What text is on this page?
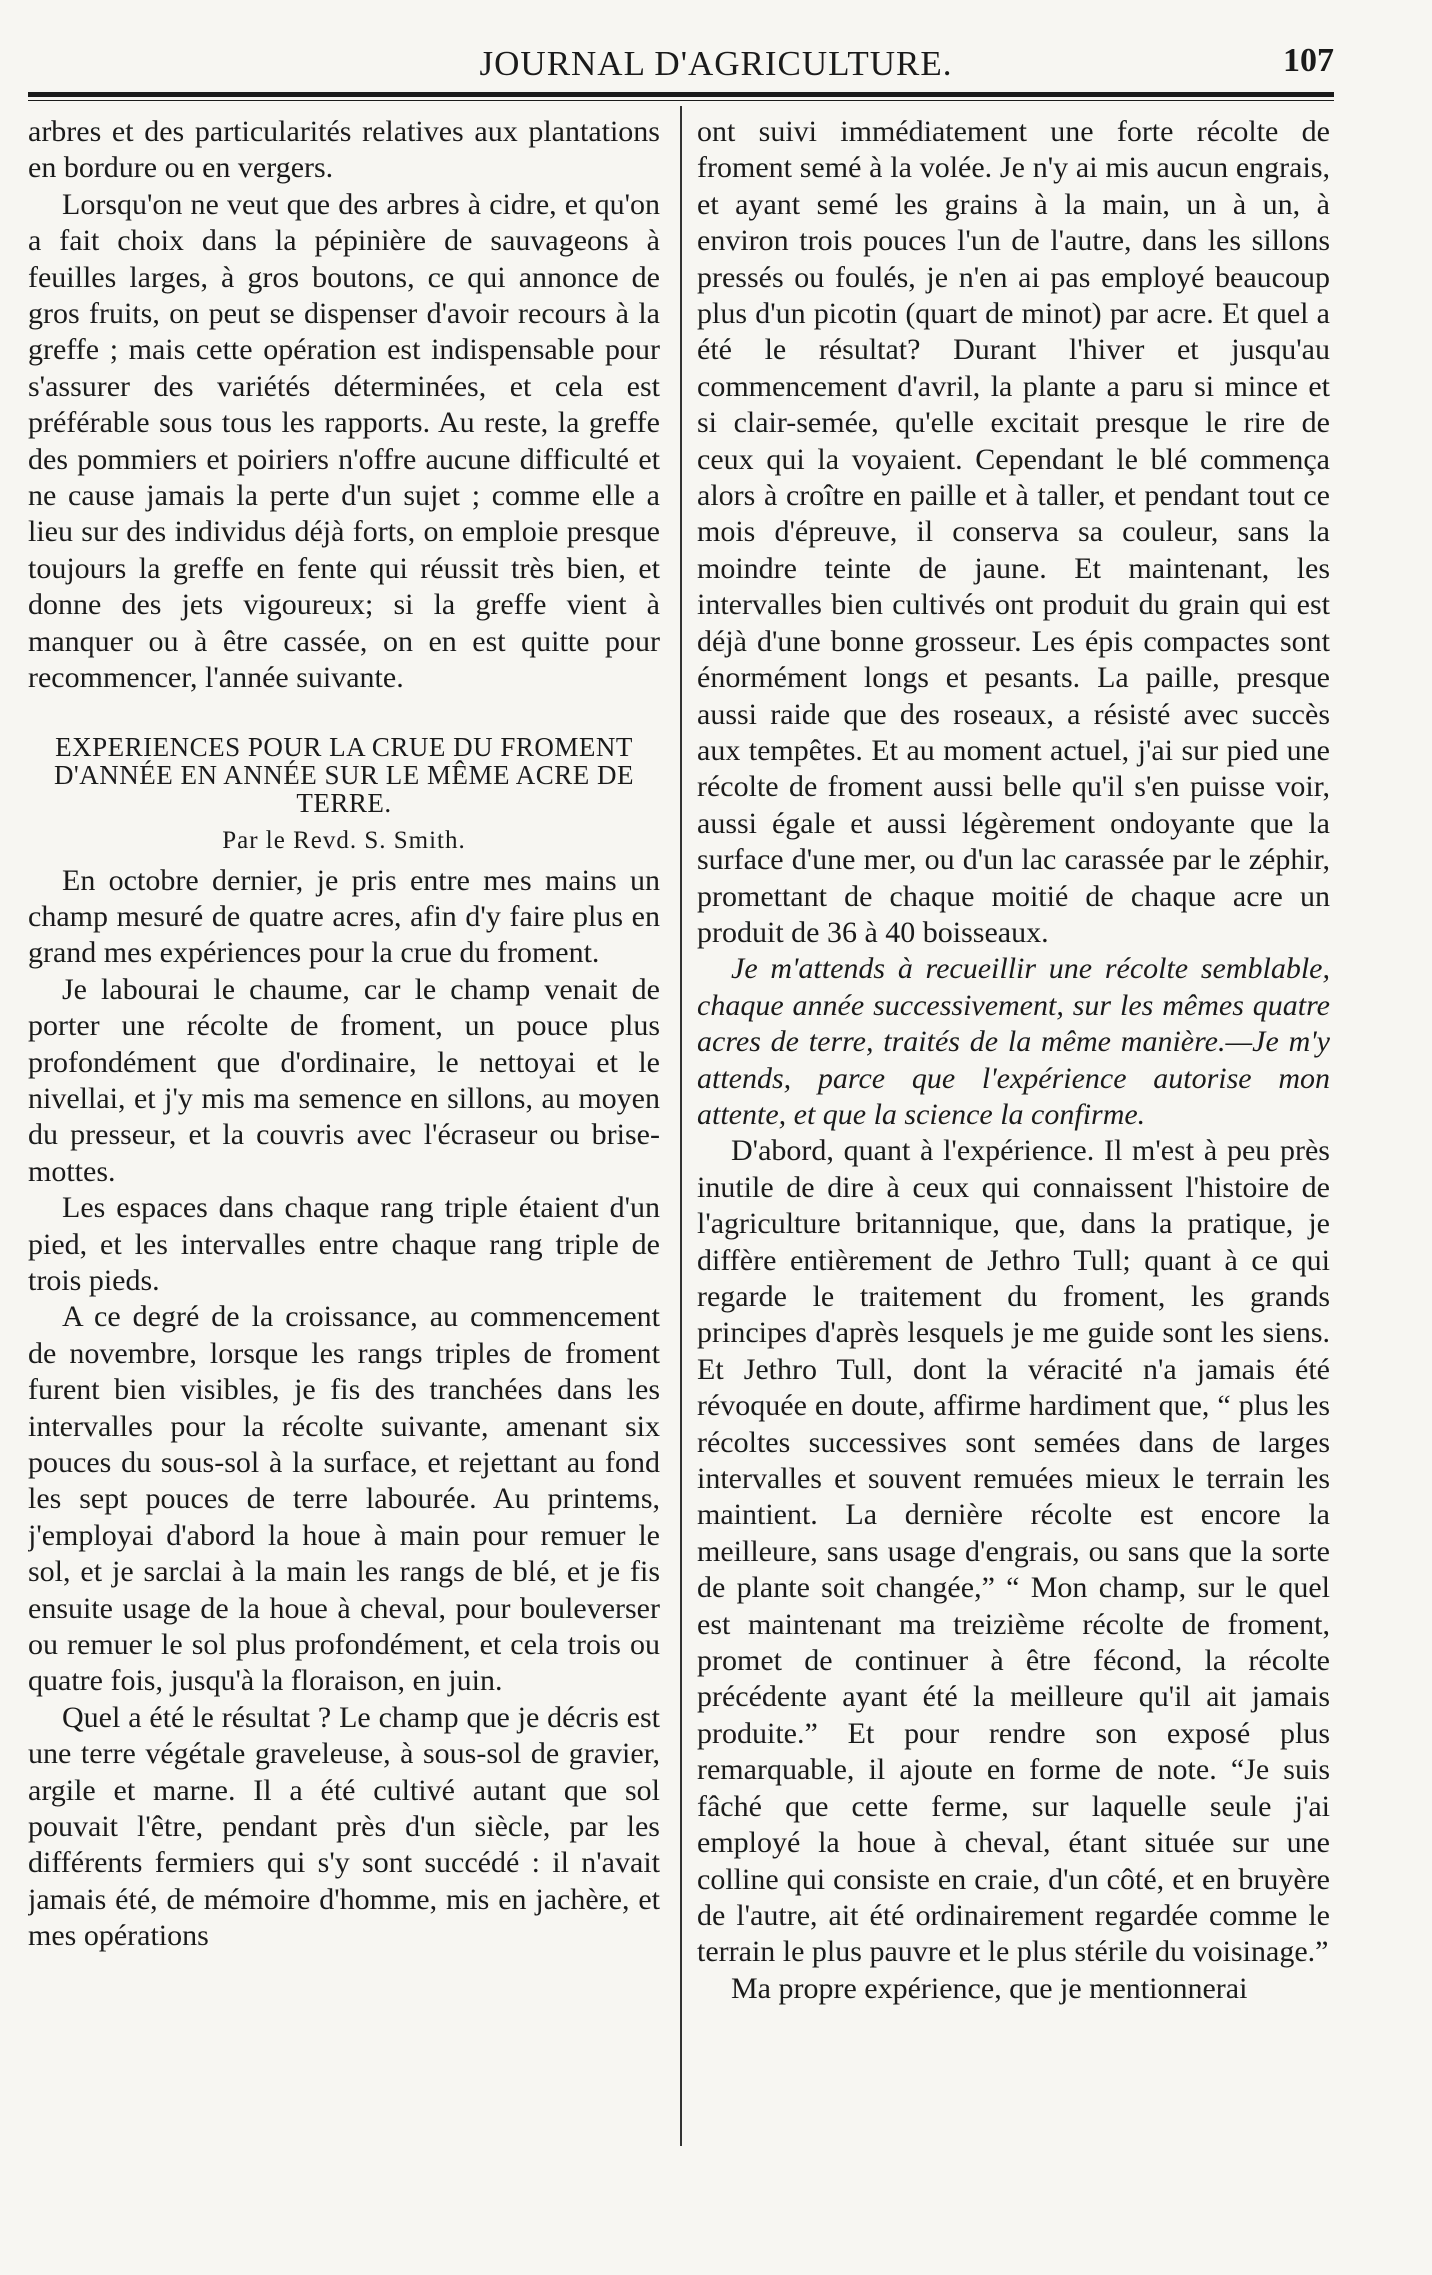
JOURNAL D'AGRICULTURE.	107

arbres et des particularités relatives aux plantations en bordure ou en vergers.

Lorsqu'on ne veut que des arbres à cidre, et qu'on a fait choix dans la pépinière de sauvageons à feuilles larges, à gros boutons, ce qui annonce de gros fruits, on peut se dispenser d'avoir recours à la greffe ; mais cette opération est indispensable pour s'assurer des variétés déterminées, et cela est préférable sous tous les rapports. Au reste, la greffe des pommiers et poiriers n'offre aucune difficulté et ne cause jamais la perte d'un sujet ; comme elle a lieu sur des individus déjà forts, on emploie presque toujours la greffe en fente qui réussit très bien, et donne des jets vigoureux; si la greffe vient à manquer ou à être cassée, on en est quitte pour recommencer, l'année suivante.

EXPERIENCES POUR LA CRUE DU FROMENT D'ANNÉE EN ANNÉE SUR LE MÊME ACRE DE TERRE.

Par le Revd. S. Smith.

En octobre dernier, je pris entre mes mains un champ mesuré de quatre acres, afin d'y faire plus en grand mes expériences pour la crue du froment.

Je labourai le chaume, car le champ venait de porter une récolte de froment, un pouce plus profondément que d'ordinaire, le nettoyai et le nivellai, et j'y mis ma semence en sillons, au moyen du presseur, et la couvris avec l'écraseur ou brise-mottes.

Les espaces dans chaque rang triple étaient d'un pied, et les intervalles entre chaque rang triple de trois pieds.

A ce degré de la croissance, au commencement de novembre, lorsque les rangs triples de froment furent bien visibles, je fis des tranchées dans les intervalles pour la récolte suivante, amenant six pouces du sous-sol à la surface, et rejettant au fond les sept pouces de terre labourée. Au printems, j'employai d'abord la houe à main pour remuer le sol, et je sarclai à la main les rangs de blé, et je fis ensuite usage de la houe à cheval, pour bouleverser ou remuer le sol plus profondément, et cela trois ou quatre fois, jusqu'à la floraison, en juin.

Quel a été le résultat ? Le champ que je décris est une terre végétale graveleuse, à sous-sol de gravier, argile et marne. Il a été cultivé autant que sol pouvait l'être, pendant près d'un siècle, par les différents fermiers qui s'y sont succédé : il n'avait jamais été, de mémoire d'homme, mis en jachère, et mes opérations

ont suivi immédiatement une forte récolte de froment semé à la volée. Je n'y ai mis aucun engrais, et ayant semé les grains à la main, un à un, à environ trois pouces l'un de l'autre, dans les sillons pressés ou foulés, je n'en ai pas employé beaucoup plus d'un picotin (quart de minot) par acre. Et quel a été le résultat? Durant l'hiver et jusqu'au commencement d'avril, la plante a paru si mince et si clair-semée, qu'elle excitait presque le rire de ceux qui la voyaient. Cependant le blé commença alors à croître en paille et à taller, et pendant tout ce mois d'épreuve, il conserva sa couleur, sans la moindre teinte de jaune. Et maintenant, les intervalles bien cultivés ont produit du grain qui est déjà d'une bonne grosseur. Les épis compactes sont énormément longs et pesants. La paille, presque aussi raide que des roseaux, a résisté avec succès aux tempêtes. Et au moment actuel, j'ai sur pied une récolte de froment aussi belle qu'il s'en puisse voir, aussi égale et aussi légèrement ondoyante que la surface d'une mer, ou d'un lac carassée par le zéphir, promettant de chaque moitié de chaque acre un produit de 36 à 40 boisseaux.

Je m'attends à recueillir une récolte semblable, chaque année successivement, sur les mêmes quatre acres de terre, traités de la même manière.—Je m'y attends, parce que l'expérience autorise mon attente, et que la science la confirme.

D'abord, quant à l'expérience. Il m'est à peu près inutile de dire à ceux qui connaissent l'histoire de l'agriculture britannique, que, dans la pratique, je diffère entièrement de Jethro Tull; quant à ce qui regarde le traitement du froment, les grands principes d'après lesquels je me guide sont les siens. Et Jethro Tull, dont la véracité n'a jamais été révoquée en doute, affirme hardiment que, “ plus les récoltes successives sont semées dans de larges intervalles et souvent remuées mieux le terrain les maintient. La dernière récolte est encore la meilleure, sans usage d'engrais, ou sans que la sorte de plante soit changée,” “ Mon champ, sur le quel est maintenant ma treizième récolte de froment, promet de continuer à être fécond, la récolte précédente ayant été la meilleure qu'il ait jamais produite.” Et pour rendre son exposé plus remarquable, il ajoute en forme de note. “Je suis fâché que cette ferme, sur laquelle seule j'ai employé la houe à cheval, étant située sur une colline qui consiste en craie, d'un côté, et en bruyère de l'autre, ait été ordinairement regardée comme le terrain le plus pauvre et le plus stérile du voisinage.”

Ma propre expérience, que je mentionnerai
